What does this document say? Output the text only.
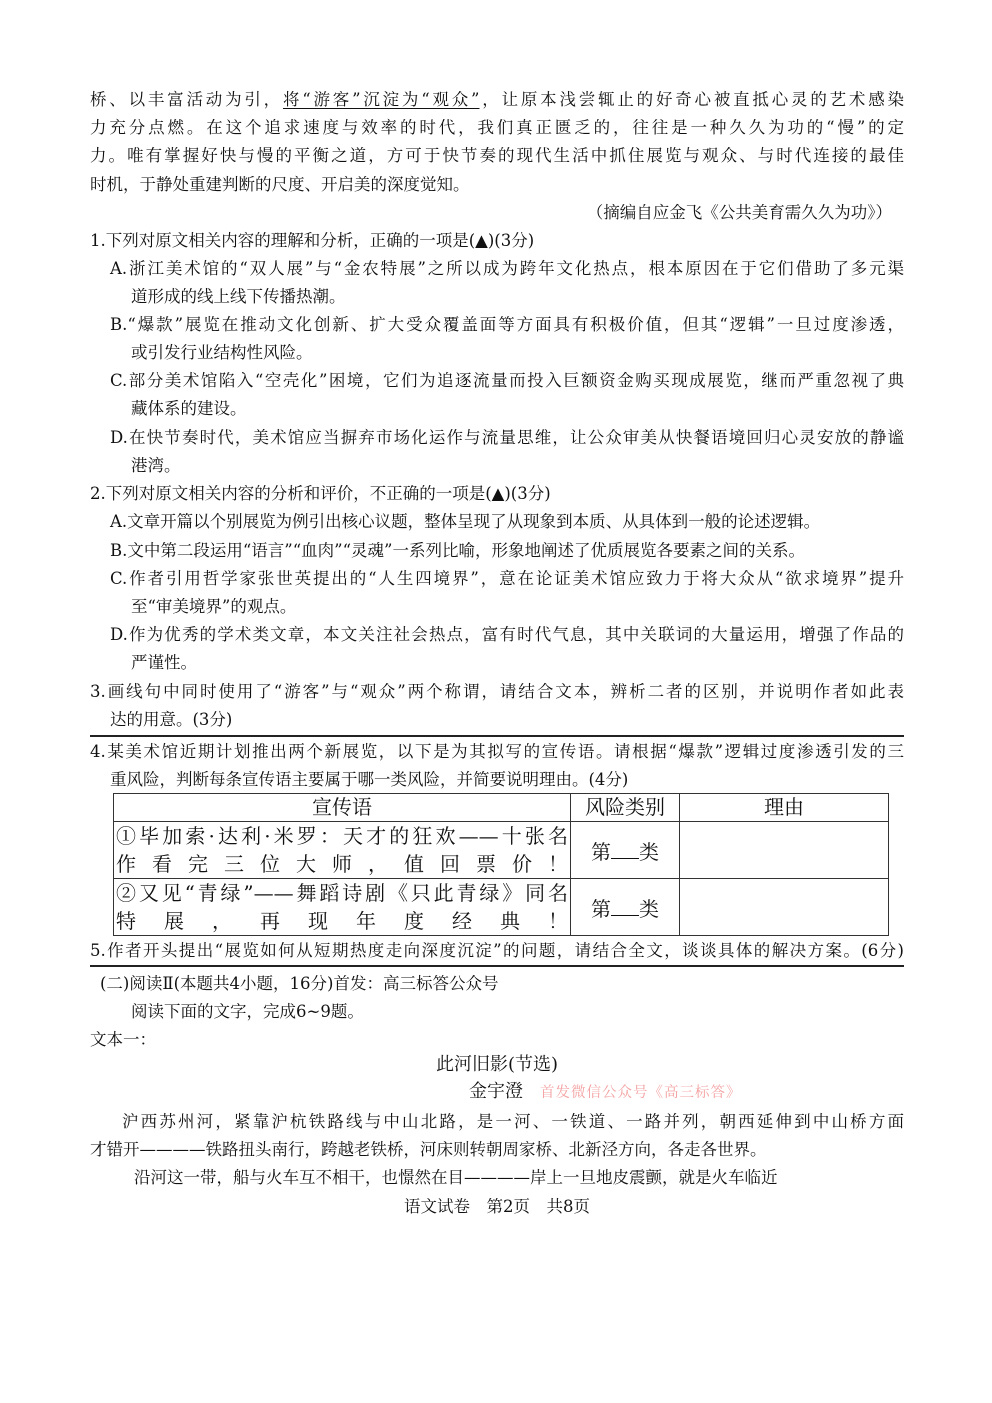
桥、以丰富活动为引，将“游客”沉淀为“观众”，让原本浅尝辄止的好奇心被直抵心灵的艺术感染
力充分点燃。在这个追求速度与效率的时代，我们真正匮乏的，往往是一种久久为功的“慢”的定
力。唯有掌握好快与慢的平衡之道，方可于快节奏的现代生活中抓住展览与观众、与时代连接的最佳
时机，于静处重建判断的尺度、开启美的深度觉知。
（摘编自应金飞《公共美育需久久为功》）
1.下列对原文相关内容的理解和分析，正确的一项是(▲)(3分)
A.浙江美术馆的“双人展”与“金农特展”之所以成为跨年文化热点，根本原因在于它们借助了多元渠
道形成的线上线下传播热潮。
B.“爆款”展览在推动文化创新、扩大受众覆盖面等方面具有积极价值，但其“逻辑”一旦过度渗透，
或引发行业结构性风险。
C.部分美术馆陷入“空壳化”困境，它们为追逐流量而投入巨额资金购买现成展览，继而严重忽视了典
藏体系的建设。
D.在快节奏时代，美术馆应当摒弃市场化运作与流量思维，让公众审美从快餐语境回归心灵安放的静谧
港湾。
2.下列对原文相关内容的分析和评价，不正确的一项是(▲)(3分)
A.文章开篇以个别展览为例引出核心议题，整体呈现了从现象到本质、从具体到一般的论述逻辑。
B.文中第二段运用“语言”“血肉”“灵魂”一系列比喻，形象地阐述了优质展览各要素之间的关系。
C.作者引用哲学家张世英提出的“人生四境界”，意在论证美术馆应致力于将大众从“欲求境界”提升
至“审美境界”的观点。
D.作为优秀的学术类文章，本文关注社会热点，富有时代气息，其中关联词的大量运用，增强了作品的
严谨性。
3.画线句中同时使用了“游客”与“观众”两个称谓，请结合文本，辨析二者的区别，并说明作者如此表
达的用意。(3分)
4.某美术馆近期计划推出两个新展览，以下是为其拟写的宣传语。请根据“爆款”逻辑过度渗透引发的三
重风险，判断每条宣传语主要属于哪一类风险，并简要说明理由。(4分)
宣传语	风险类别	理由
①毕加索·达利·米罗：天才的狂欢——十张名
作看完三位大师，值回票价！	第 类	
②又见“青绿”——舞蹈诗剧《只此青绿》同名
特展，再现年度经典！	第 类	
5.作者开头提出“展览如何从短期热度走向深度沉淀”的问题，请结合全文，谈谈具体的解决方案。(6分)
(二)阅读Ⅱ(本题共4小题，16分)首发：高三标答公众号
阅读下面的文字，完成6~9题。
文本一：
此河旧影(节选)
金宇澄 首发微信公众号《高三标答》
沪西苏州河，紧靠沪杭铁路线与中山北路，是一河、一铁道、一路并列，朝西延伸到中山桥方面
才错开————铁路扭头南行，跨越老铁桥，河床则转朝周家桥、北新泾方向，各走各世界。
沿河这一带，船与火车互不相干，也憬然在目————岸上一旦地皮震颤，就是火车临近
语文试卷　第2页　共8页
